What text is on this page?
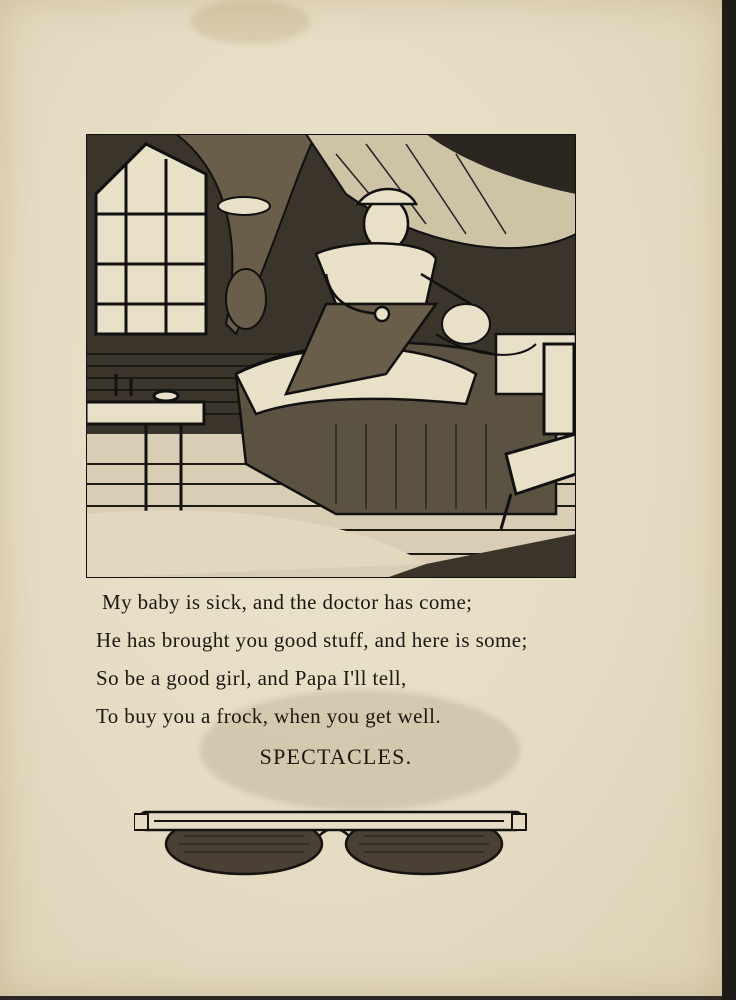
My baby is sick, and the doctor has come;
He has brought you good stuff, and here is some;
So be a good girl, and Papa I'll tell,
To buy you a frock, when you get well.
SPECTACLES.
